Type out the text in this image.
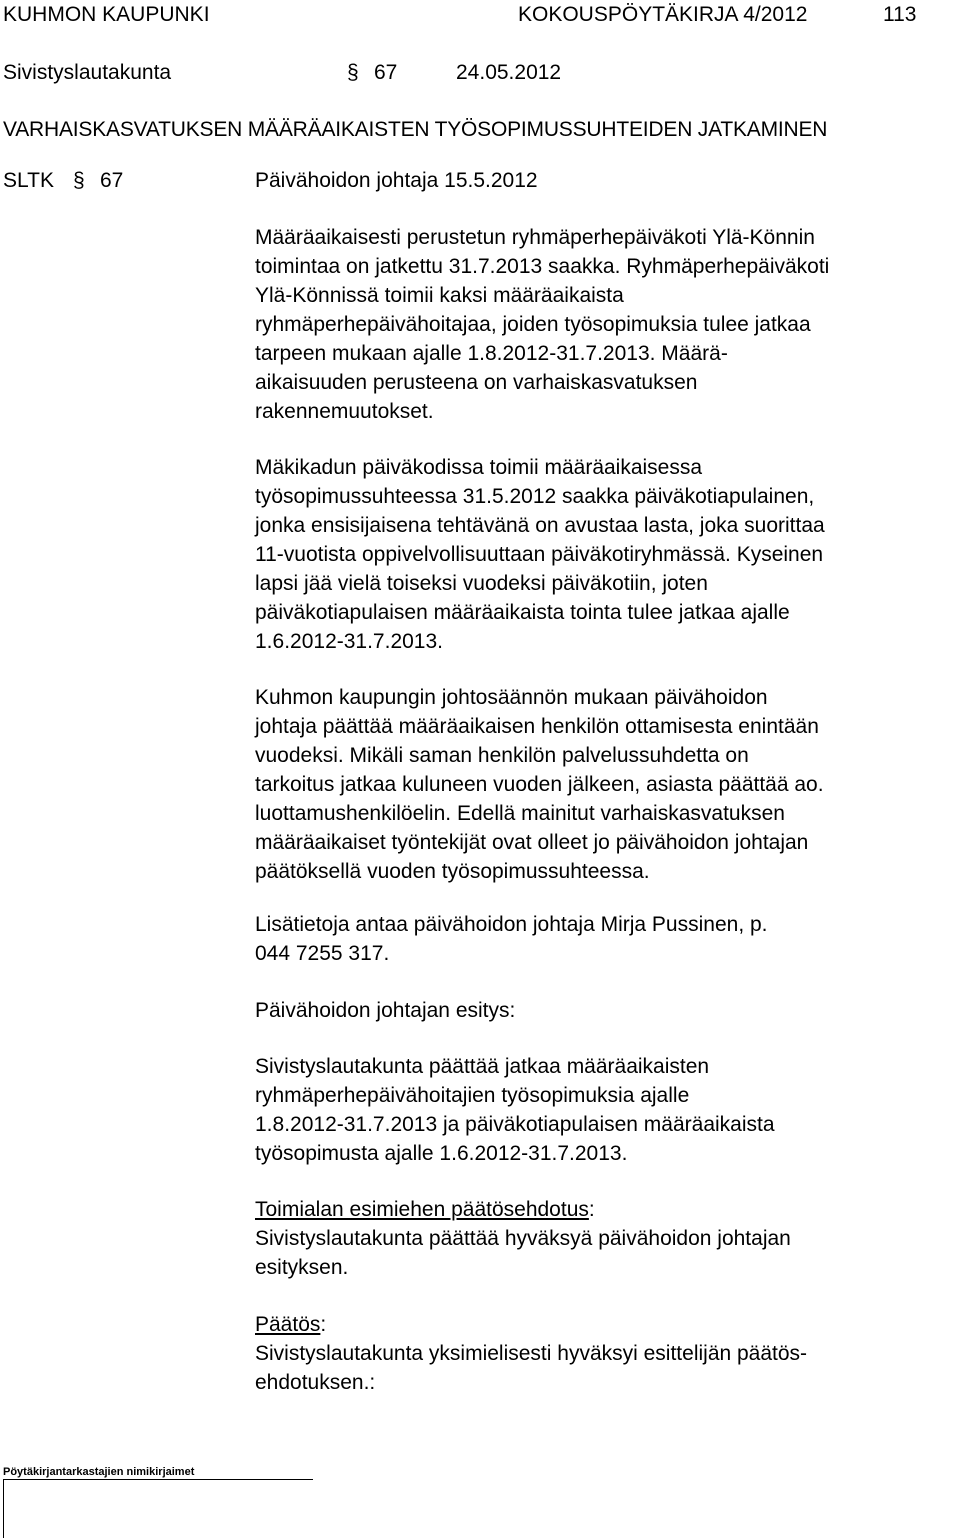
KUHMON KAUPUNKI	KOKOUSPÖYTÄKIRJA 4/2012	113
Sivistyslautakunta	§ 67	24.05.2012
VARHAISKASVATUKSEN MÄÄRÄAIKAISTEN TYÖSOPIMUSSUHTEIDEN JATKAMINEN
SLTK § 67	Päivähoidon johtaja 15.5.2012
Määräaikaisesti perustetun ryhmäperhepäiväkoti Ylä-Könnin
toimintaa on jatkettu 31.7.2013 saakka. Ryhmäperhepäiväkoti
Ylä-Könnissä toimii kaksi määräaikaista
ryhmäperhepäivähoitajaa, joiden työsopimuksia tulee jatkaa
tarpeen mukaan ajalle 1.8.2012-31.7.2013. Määrä-
aikaisuuden perusteena on varhaiskasvatuksen
rakennemuutokset.
Mäkikadun päiväkodissa toimii määräaikaisessa
työsopimussuhteessa 31.5.2012 saakka päiväkotiapulainen,
jonka ensisijaisena tehtävänä on avustaa lasta, joka suorittaa
11-vuotista oppivelvollisuuttaan päiväkotiryhmässä. Kyseinen
lapsi jää vielä toiseksi vuodeksi päiväkotiin, joten
päiväkotiapulaisen määräaikaista tointa tulee jatkaa ajalle
1.6.2012-31.7.2013.
Kuhmon kaupungin johtosäännön mukaan päivähoidon
johtaja päättää määräaikaisen henkilön ottamisesta enintään
vuodeksi. Mikäli saman henkilön palvelussuhdetta on
tarkoitus jatkaa kuluneen vuoden jälkeen, asiasta päättää ao.
luottamushenkilöelin. Edellä mainitut varhaiskasvatuksen
määräaikaiset työntekijät ovat olleet jo päivähoidon johtajan
päätöksellä vuoden työsopimussuhteessa.
Lisätietoja antaa päivähoidon johtaja Mirja Pussinen, p.
044 7255 317.
Päivähoidon johtajan esitys:
Sivistyslautakunta päättää jatkaa määräaikaisten
ryhmäperhepäivähoitajien työsopimuksia ajalle
1.8.2012-31.7.2013 ja päiväkotiapulaisen määräaikaista
työsopimusta ajalle 1.6.2012-31.7.2013.
Toimialan esimiehen päätösehdotus:
Sivistyslautakunta päättää hyväksyä päivähoidon johtajan
esityksen.
Päätös:
Sivistyslautakunta yksimielisesti hyväksyi esittelijän päätös-
ehdotuksen.:
Pöytäkirjantarkastajien nimikirjaimet
